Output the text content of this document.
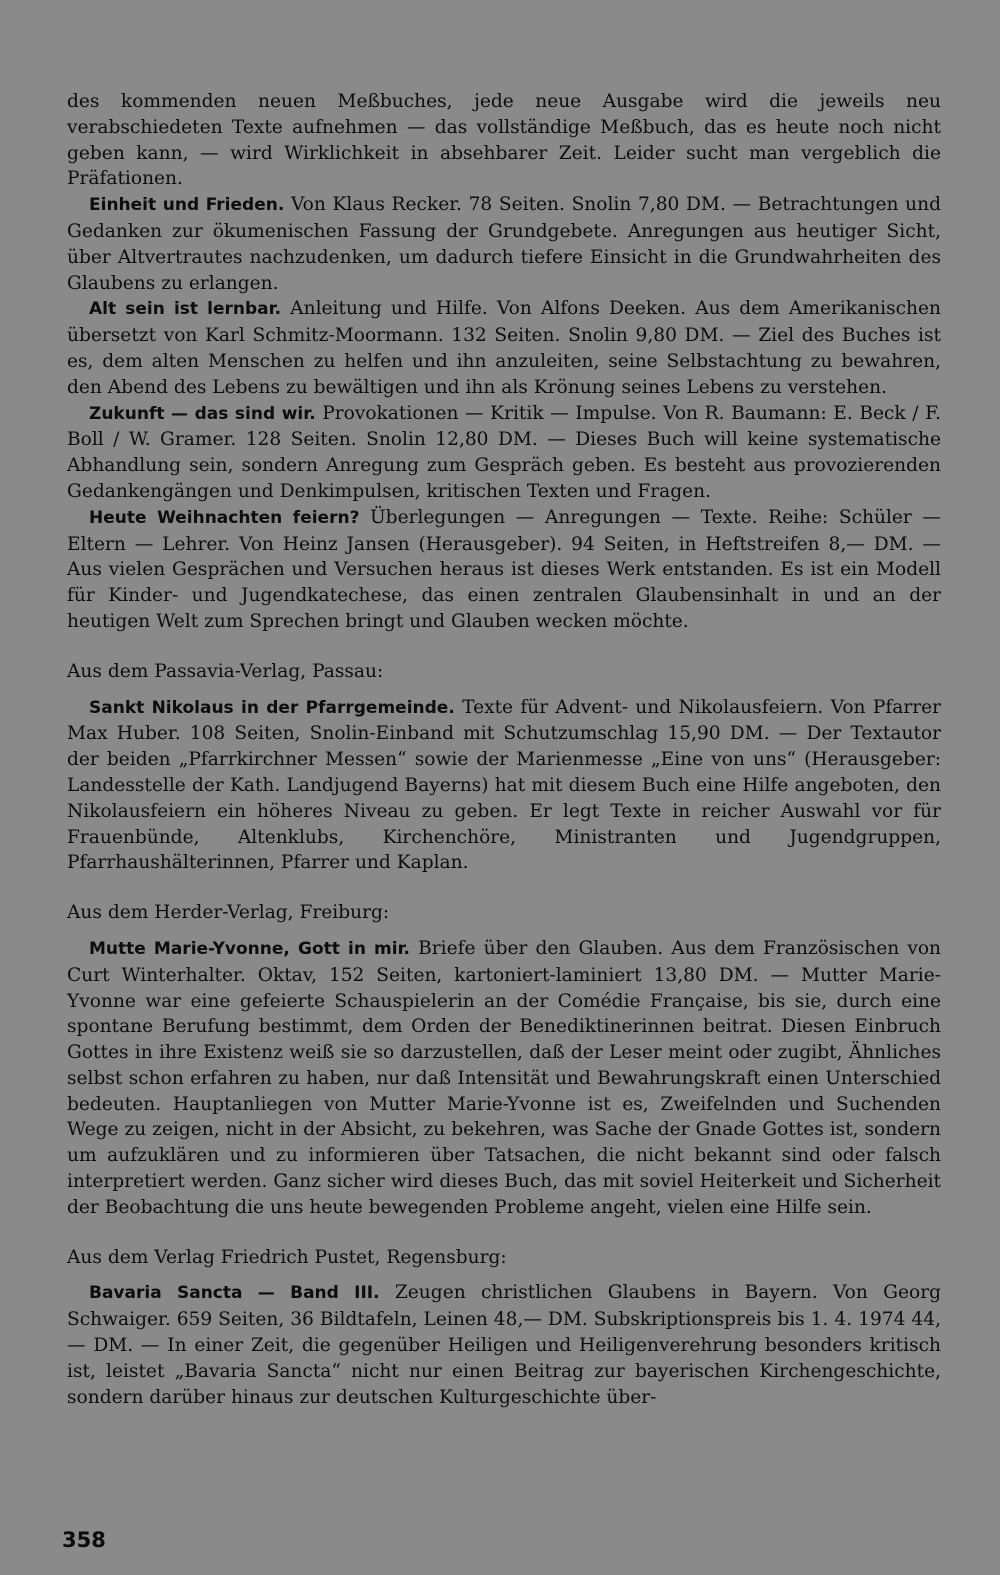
des kommenden neuen Meßbuches, jede neue Ausgabe wird die jeweils neu verabschiedeten Texte aufnehmen — das vollständige Meßbuch, das es heute noch nicht geben kann, — wird Wirklichkeit in absehbarer Zeit. Leider sucht man vergeblich die Präfationen.

Einheit und Frieden. Von Klaus Recker. 78 Seiten. Snolin 7,80 DM. — Betrachtungen und Gedanken zur ökumenischen Fassung der Grundgebete. Anregungen aus heutiger Sicht, über Altvertrautes nachzudenken, um dadurch tiefere Einsicht in die Grundwahrheiten des Glaubens zu erlangen.

Alt sein ist lernbar. Anleitung und Hilfe. Von Alfons Deeken. Aus dem Amerikanischen übersetzt von Karl Schmitz-Moormann. 132 Seiten. Snolin 9,80 DM. — Ziel des Buches ist es, dem alten Menschen zu helfen und ihn anzuleiten, seine Selbstachtung zu bewahren, den Abend des Lebens zu bewältigen und ihn als Krönung seines Lebens zu verstehen.

Zukunft — das sind wir. Provokationen — Kritik — Impulse. Von R. Baumann: E. Beck / F. Boll / W. Gramer. 128 Seiten. Snolin 12,80 DM. — Dieses Buch will keine systematische Abhandlung sein, sondern Anregung zum Gespräch geben. Es besteht aus provozierenden Gedankengängen und Denkimpulsen, kritischen Texten und Fragen.

Heute Weihnachten feiern? Überlegungen — Anregungen — Texte. Reihe: Schüler — Eltern — Lehrer. Von Heinz Jansen (Herausgeber). 94 Seiten, in Heftstreifen 8,— DM. — Aus vielen Gesprächen und Versuchen heraus ist dieses Werk entstanden. Es ist ein Modell für Kinder- und Jugendkatechese, das einen zentralen Glaubensinhalt in und an der heutigen Welt zum Sprechen bringt und Glauben wecken möchte.

Aus dem Passavia-Verlag, Passau:

Sankt Nikolaus in der Pfarrgemeinde. Texte für Advent- und Nikolausfeiern. Von Pfarrer Max Huber. 108 Seiten, Snolin-Einband mit Schutzumschlag 15,90 DM. — Der Textautor der beiden „Pfarrkirchner Messen“ sowie der Marienmesse „Eine von uns“ (Herausgeber: Landesstelle der Kath. Landjugend Bayerns) hat mit diesem Buch eine Hilfe angeboten, den Nikolausfeiern ein höheres Niveau zu geben. Er legt Texte in reicher Auswahl vor für Frauenbünde, Altenklubs, Kirchenchöre, Ministranten und Jugendgruppen, Pfarrhaushälterinnen, Pfarrer und Kaplan.

Aus dem Herder-Verlag, Freiburg:

Mutte Marie-Yvonne, Gott in mir. Briefe über den Glauben. Aus dem Französischen von Curt Winterhalter. Oktav, 152 Seiten, kartoniert-laminiert 13,80 DM. — Mutter Marie-Yvonne war eine gefeierte Schauspielerin an der Comédie Française, bis sie, durch eine spontane Berufung bestimmt, dem Orden der Benediktinerinnen beitrat. Diesen Einbruch Gottes in ihre Existenz weiß sie so darzustellen, daß der Leser meint oder zugibt, Ähnliches selbst schon erfahren zu haben, nur daß Intensität und Bewahrungskraft einen Unterschied bedeuten. Hauptanliegen von Mutter Marie-Yvonne ist es, Zweifelnden und Suchenden Wege zu zeigen, nicht in der Absicht, zu bekehren, was Sache der Gnade Gottes ist, sondern um aufzuklären und zu informieren über Tatsachen, die nicht bekannt sind oder falsch interpretiert werden. Ganz sicher wird dieses Buch, das mit soviel Heiterkeit und Sicherheit der Beobachtung die uns heute bewegenden Probleme angeht, vielen eine Hilfe sein.

Aus dem Verlag Friedrich Pustet, Regensburg:

Bavaria Sancta — Band III. Zeugen christlichen Glaubens in Bayern. Von Georg Schwaiger. 659 Seiten, 36 Bildtafeln, Leinen 48,— DM. Subskriptionspreis bis 1. 4. 1974 44,— DM. — In einer Zeit, die gegenüber Heiligen und Heiligenverehrung besonders kritisch ist, leistet „Bavaria Sancta“ nicht nur einen Beitrag zur bayerischen Kirchengeschichte, sondern darüber hinaus zur deutschen Kulturgeschichte über-

358
